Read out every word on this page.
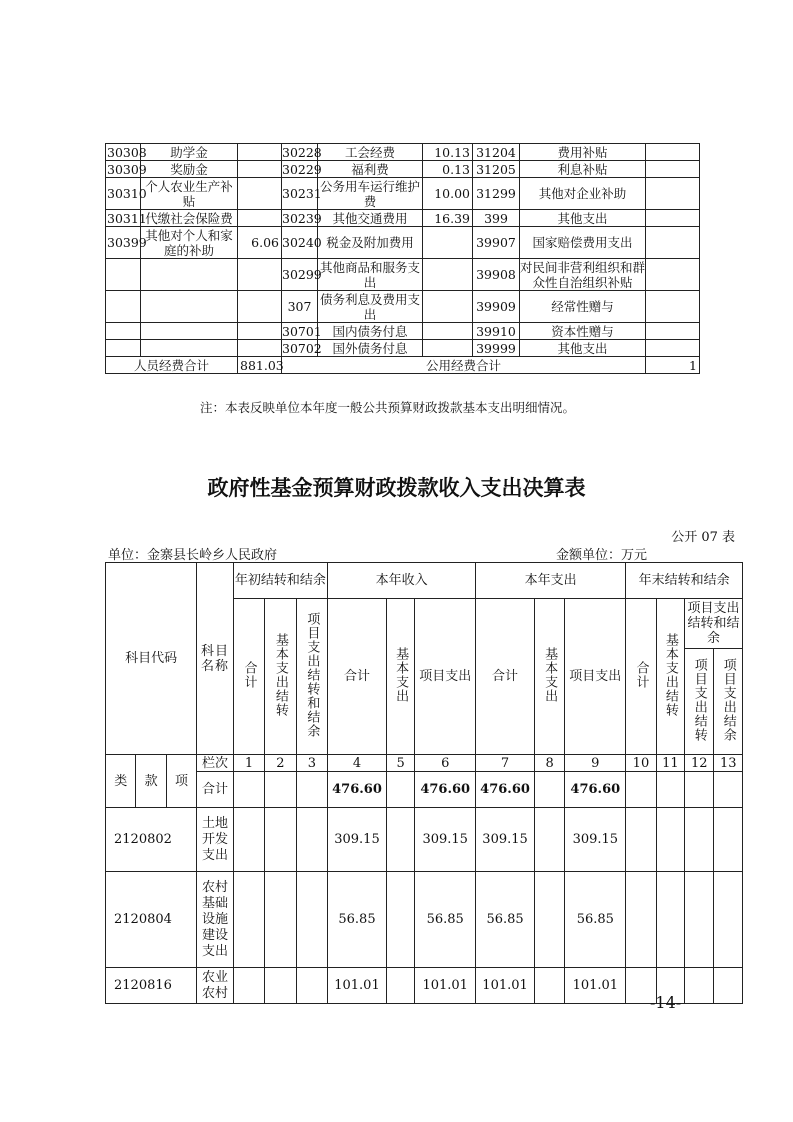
30308	助学金		30228	工会经费	10.13	31204	费用补贴	
30309	奖励金		30229	福利费	0.13	31205	利息补贴	
30310	个人农业生产补贴		30231	公务用车运行维护费	10.00	31299	其他对企业补助	
30311	代缴社会保险费		30239	其他交通费用	16.39	399	其他支出	
30399	其他对个人和家庭的补助	6.06	30240	税金及附加费用		39907	国家赔偿费用支出	
			30299	其他商品和服务支出		39908	对民间非营利组织和群众性自治组织补贴	
			307	债务利息及费用支出		39909	经常性赠与	
			30701	国内债务付息		39910	资本性赠与	
			30702	国外债务付息		39999	其他支出	
人员经费合计		881.03	公用经费合计					1
注：本表反映单位本年度一般公共预算财政拨款基本支出明细情况。
政府性基金预算财政拨款收入支出决算表
公开 07 表
单位：金寨县长岭乡人民政府	金额单位：万元
科目代码			科目名称	年初结转和结余			本年收入			本年支出			年末结转和结余			
				合计	基本支出结转	项目支出结转和结余	合计	基本支出	项目支出	合计	基本支出	项目支出	合计	基本支出结转	项目支出结转和结余	
															项目支出结转	项目支出结余
类	款	项	栏次	1	2	3	4	5	6	7	8	9	10	11	12	13
			合计				476.60		476.60	476.60		476.60				
2120802			土地开发支出				309.15		309.15	309.15		309.15				
2120804			农村基础设施建设支出				56.85		56.85	56.85		56.85				
2120816			农业农村				101.01		101.01	101.01		101.01				
-14-
